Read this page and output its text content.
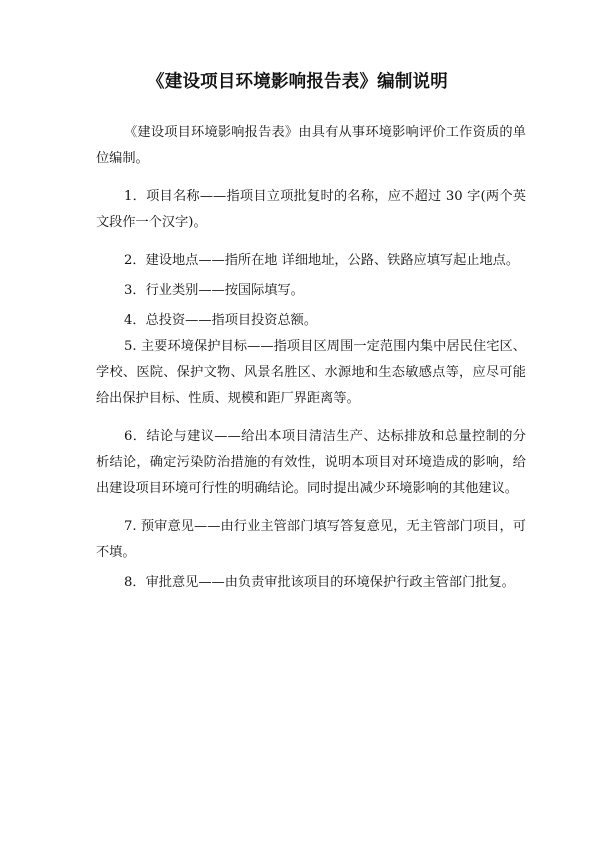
《建设项目环境影响报告表》编制说明

《建设项目环境影响报告表》由具有从事环境影响评价工作资质的单位编制。

1．项目名称——指项目立项批复时的名称，应不超过 30 字(两个英文段作一个汉字)。

2．建设地点——指所在地 详细地址，公路、铁路应填写起止地点。

3．行业类别——按国际填写。

4．总投资——指项目投资总额。

5. 主要环境保护目标——指项目区周围一定范围内集中居民住宅区、学校、医院、保护文物、风景名胜区、水源地和生态敏感点等，应尽可能给出保护目标、性质、规模和距厂界距离等。

6．结论与建议——给出本项目清洁生产、达标排放和总量控制的分析结论，确定污染防治措施的有效性，说明本项目对环境造成的影响，给出建设项目环境可行性的明确结论。同时提出减少环境影响的其他建议。

7. 预审意见——由行业主管部门填写答复意见，无主管部门项目，可不填。

8．审批意见——由负责审批该项目的环境保护行政主管部门批复。
